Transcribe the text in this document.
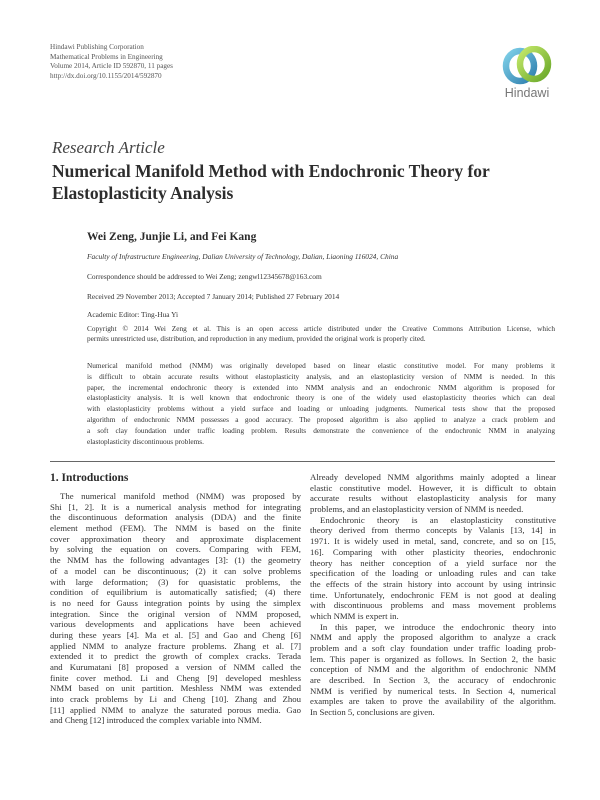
Hindawi Publishing Corporation
Mathematical Problems in Engineering
Volume 2014, Article ID 592870, 11 pages
http://dx.doi.org/10.1155/2014/592870
Hindawi
Research Article
Numerical Manifold Method with Endochronic Theory for Elastoplasticity Analysis
Wei Zeng, Junjie Li, and Fei Kang
Faculty of Infrastructure Engineering, Dalian University of Technology, Dalian, Liaoning 116024, China
Correspondence should be addressed to Wei Zeng; zengwl12345678@163.com
Received 29 November 2013; Accepted 7 January 2014; Published 27 February 2014
Academic Editor: Ting-Hua Yi
Copyright © 2014 Wei Zeng et al. This is an open access article distributed under the Creative Commons Attribution License, which
permits unrestricted use, distribution, and reproduction in any medium, provided the original work is properly cited.
Numerical manifold method (NMM) was originally developed based on linear elastic constitutive model. For many problems it
is difficult to obtain accurate results without elastoplasticity analysis, and an elastoplasticity version of NMM is needed. In this
paper, the incremental endochronic theory is extended into NMM analysis and an endochronic NMM algorithm is proposed for
elastoplasticity analysis. It is well known that endochronic theory is one of the widely used elastoplasticity theories which can deal
with elastoplasticity problems without a yield surface and loading or unloading judgments. Numerical tests show that the proposed
algorithm of endochronic NMM possesses a good accuracy. The proposed algorithm is also applied to analyze a crack problem and
a soft clay foundation under traffic loading problem. Results demonstrate the convenience of the endochronic NMM in analyzing
elastoplasticity discontinuous problems.
1. Introductions
The numerical manifold method (NMM) was proposed by
Shi [1, 2]. It is a numerical analysis method for integrating
the discontinuous deformation analysis (DDA) and the finite
element method (FEM). The NMM is based on the finite
cover approximation theory and approximate displacement
by solving the equation on covers. Comparing with FEM,
the NMM has the following advantages [3]: (1) the geometry
of a model can be discontinuous; (2) it can solve problems
with large deformation; (3) for quasistatic problems, the
condition of equilibrium is automatically satisfied; (4) there
is no need for Gauss integration points by using the simplex
integration. Since the original version of NMM proposed,
various developments and applications have been achieved
during these years [4]. Ma et al. [5] and Gao and Cheng [6]
applied NMM to analyze fracture problems. Zhang et al. [7]
extended it to predict the growth of complex cracks. Terada
and Kurumatani [8] proposed a version of NMM called the
finite cover method. Li and Cheng [9] developed meshless
NMM based on unit partition. Meshless NMM was extended
into crack problems by Li and Cheng [10]. Zhang and Zhou
[11] applied NMM to analyze the saturated porous media. Gao
and Cheng [12] introduced the complex variable into NMM.
Already developed NMM algorithms mainly adopted a linear
elastic constitutive model. However, it is difficult to obtain
accurate results without elastoplasticity analysis for many
problems, and an elastoplasticity version of NMM is needed.
Endochronic theory is an elastoplasticity constitutive
theory derived from thermo concepts by Valanis [13, 14] in
1971. It is widely used in metal, sand, concrete, and so on [15,
16]. Comparing with other plasticity theories, endochronic
theory has neither conception of a yield surface nor the
specification of the loading or unloading rules and can take
the effects of the strain history into account by using intrinsic
time. Unfortunately, endochronic FEM is not good at dealing
with discontinuous problems and mass movement problems
which NMM is expert in.
In this paper, we introduce the endochronic theory into
NMM and apply the proposed algorithm to analyze a crack
problem and a soft clay foundation under traffic loading prob-
lem. This paper is organized as follows. In Section 2, the basic
conception of NMM and the algorithm of endochronic NMM
are described. In Section 3, the accuracy of endochronic
NMM is verified by numerical tests. In Section 4, numerical
examples are taken to prove the availability of the algorithm.
In Section 5, conclusions are given.
